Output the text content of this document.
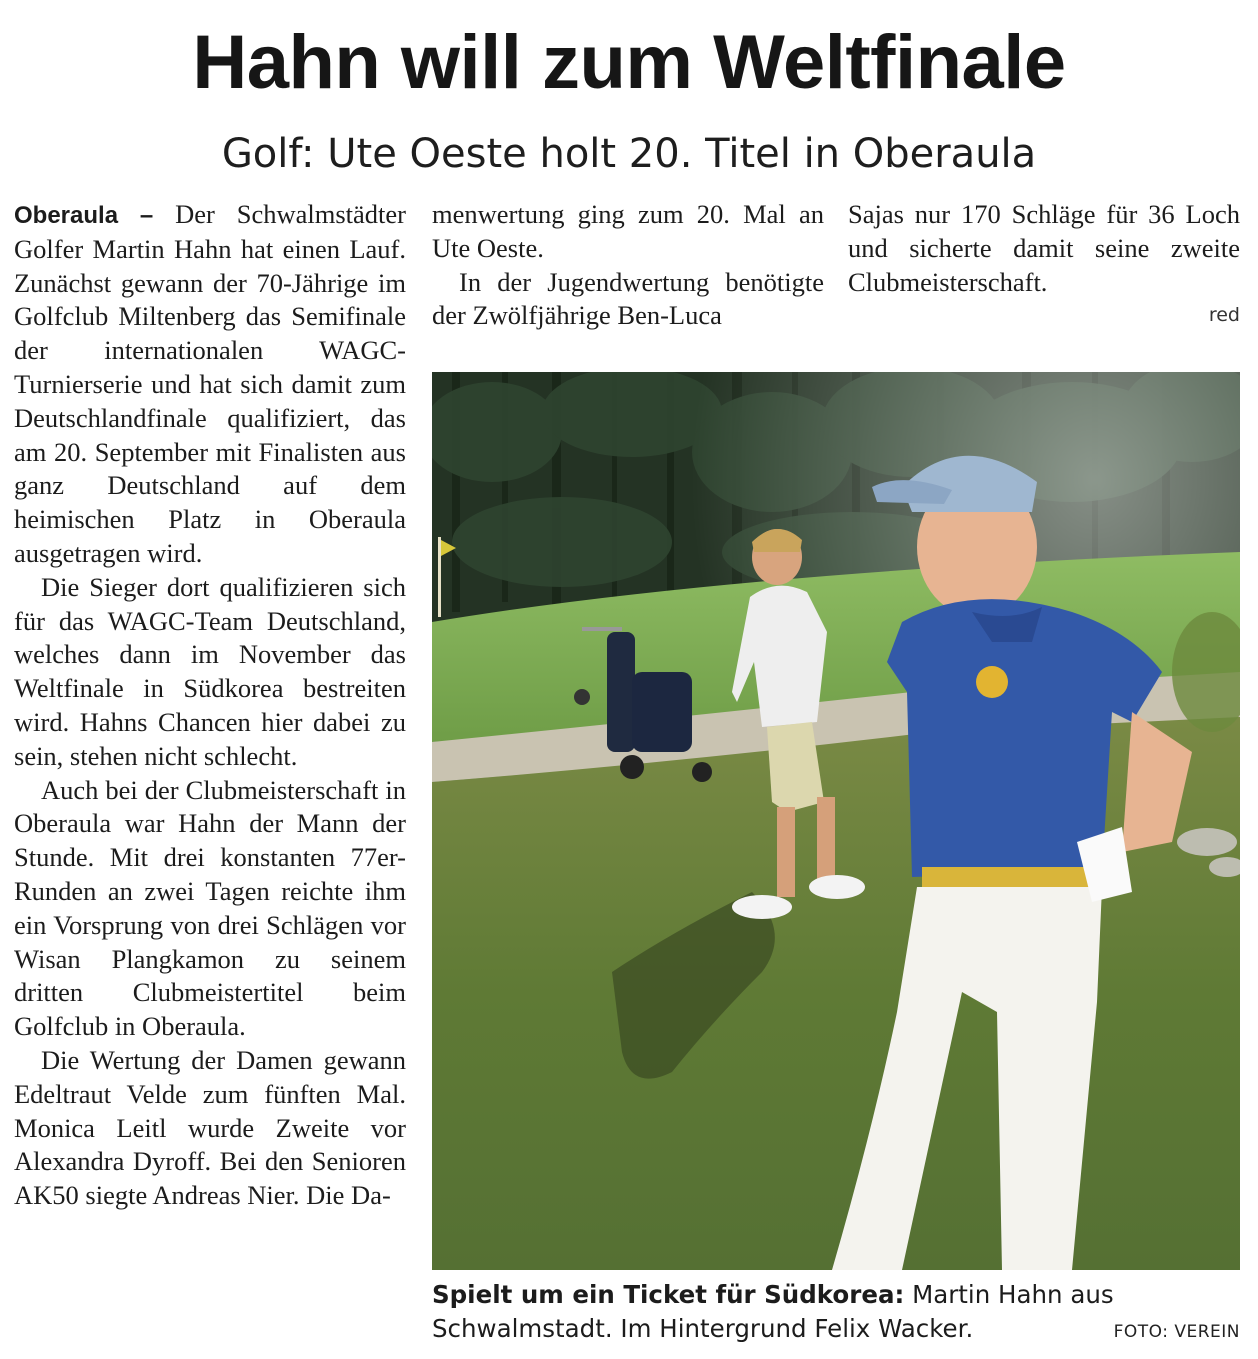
Hahn will zum Weltfinale
Golf: Ute Oeste holt 20. Titel in Oberaula

Oberaula – Der Schwalmstädter Golfer Martin Hahn hat einen Lauf. Zunächst gewann der 70-Jährige im Golfclub Miltenberg das Semifinale der internationalen WAGC-Turnierserie und hat sich damit zum Deutschlandfinale qualifiziert, das am 20. September mit Finalisten aus ganz Deutschland auf dem heimischen Platz in Oberaula ausgetragen wird.

Die Sieger dort qualifizieren sich für das WAGC-Team Deutschland, welches dann im November das Weltfinale in Südkorea bestreiten wird. Hahns Chancen hier dabei zu sein, stehen nicht schlecht.

Auch bei der Clubmeisterschaft in Oberaula war Hahn der Mann der Stunde. Mit drei konstanten 77er-Runden an zwei Tagen reichte ihm ein Vorsprung von drei Schlägen vor Wisan Plangkamon zu seinem dritten Clubmeistertitel beim Golfclub in Oberaula.

Die Wertung der Damen gewann Edeltraut Velde zum fünften Mal. Monica Leitl wurde Zweite vor Alexandra Dyroff. Bei den Senioren AK50 siegte Andreas Nier. Die Da-

menwertung ging zum 20. Mal an Ute Oeste.

In der Jugendwertung benötigte der Zwölfjährige Ben-Luca

Sajas nur 170 Schläge für 36 Loch und sicherte damit seine zweite Clubmeisterschaft.

red
Spielt um ein Ticket für Südkorea: Martin Hahn aus Schwalmstadt. Im Hintergrund Felix Wacker.	FOTO: VEREIN
